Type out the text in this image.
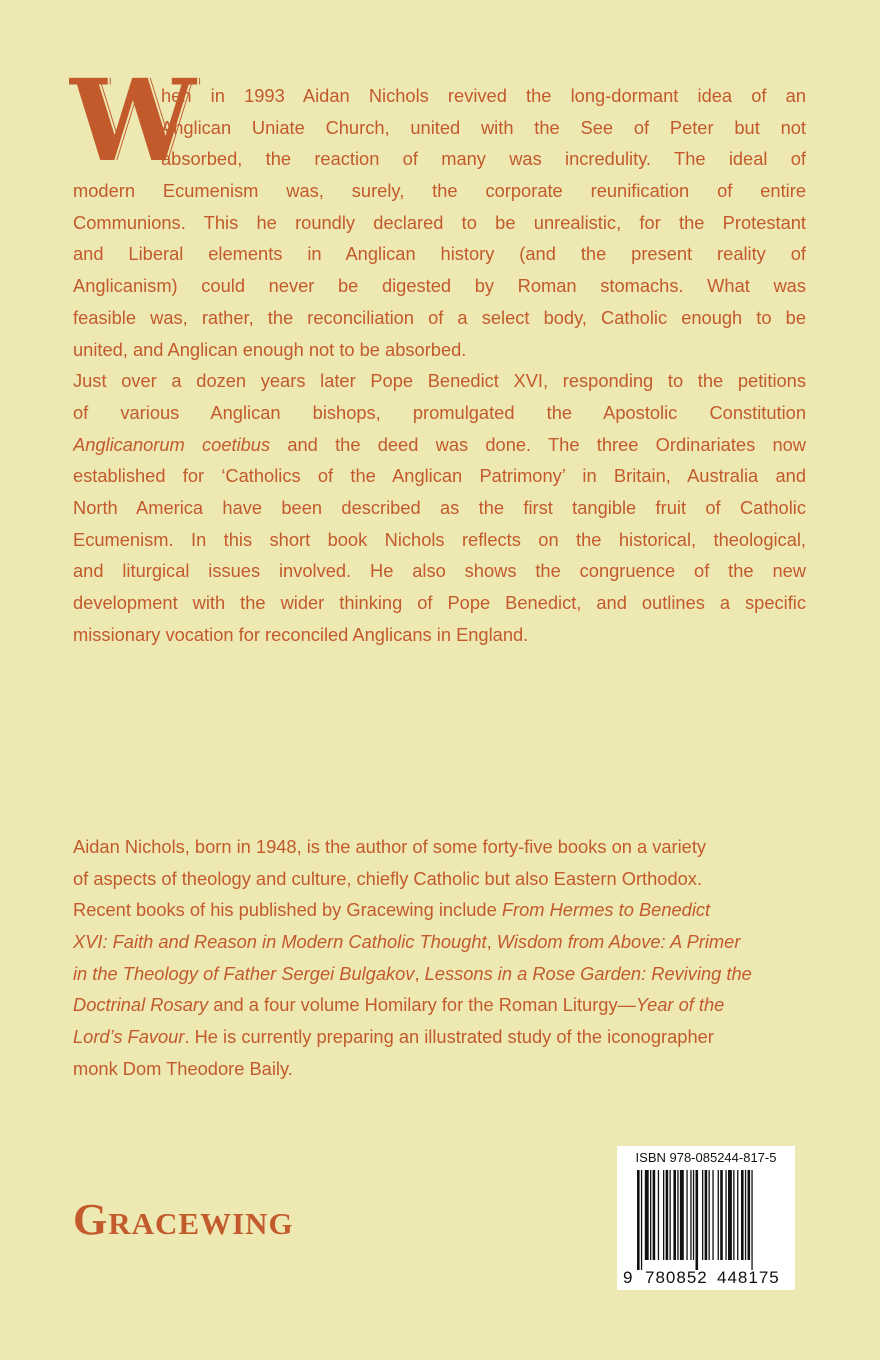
W
hen in 1993 Aidan Nichols revived the long-dormant idea of an
Anglican Uniate Church, united with the See of Peter but not
absorbed, the reaction of many was incredulity. The ideal of
modern Ecumenism was, surely, the corporate reunification of entire
Communions. This he roundly declared to be unrealistic, for the Protestant
and Liberal elements in Anglican history (and the present reality of
Anglicanism) could never be digested by Roman stomachs. What was
feasible was, rather, the reconciliation of a select body, Catholic enough to be
united, and Anglican enough not to be absorbed.
Just over a dozen years later Pope Benedict XVI, responding to the petitions
of various Anglican bishops, promulgated the Apostolic Constitution
Anglicanorum coetibus and the deed was done. The three Ordinariates now
established for ‘Catholics of the Anglican Patrimony’ in Britain, Australia and
North America have been described as the first tangible fruit of Catholic
Ecumenism. In this short book Nichols reflects on the historical, theological,
and liturgical issues involved. He also shows the congruence of the new
development with the wider thinking of Pope Benedict, and outlines a specific
missionary vocation for reconciled Anglicans in England.
Aidan Nichols, born in 1948, is the author of some forty-five books on a variety
of aspects of theology and culture, chiefly Catholic but also Eastern Orthodox.
Recent books of his published by Gracewing include From Hermes to Benedict
XVI: Faith and Reason in Modern Catholic Thought, Wisdom from Above: A Primer
in the Theology of Father Sergei Bulgakov, Lessons in a Rose Garden: Reviving the
Doctrinal Rosary and a four volume Homilary for the Roman Liturgy—Year of the
Lord’s Favour. He is currently preparing an illustrated study of the iconographer
monk Dom Theodore Baily.
Gracewing
ISBN 978-085244-817-5
9 780852 448175
